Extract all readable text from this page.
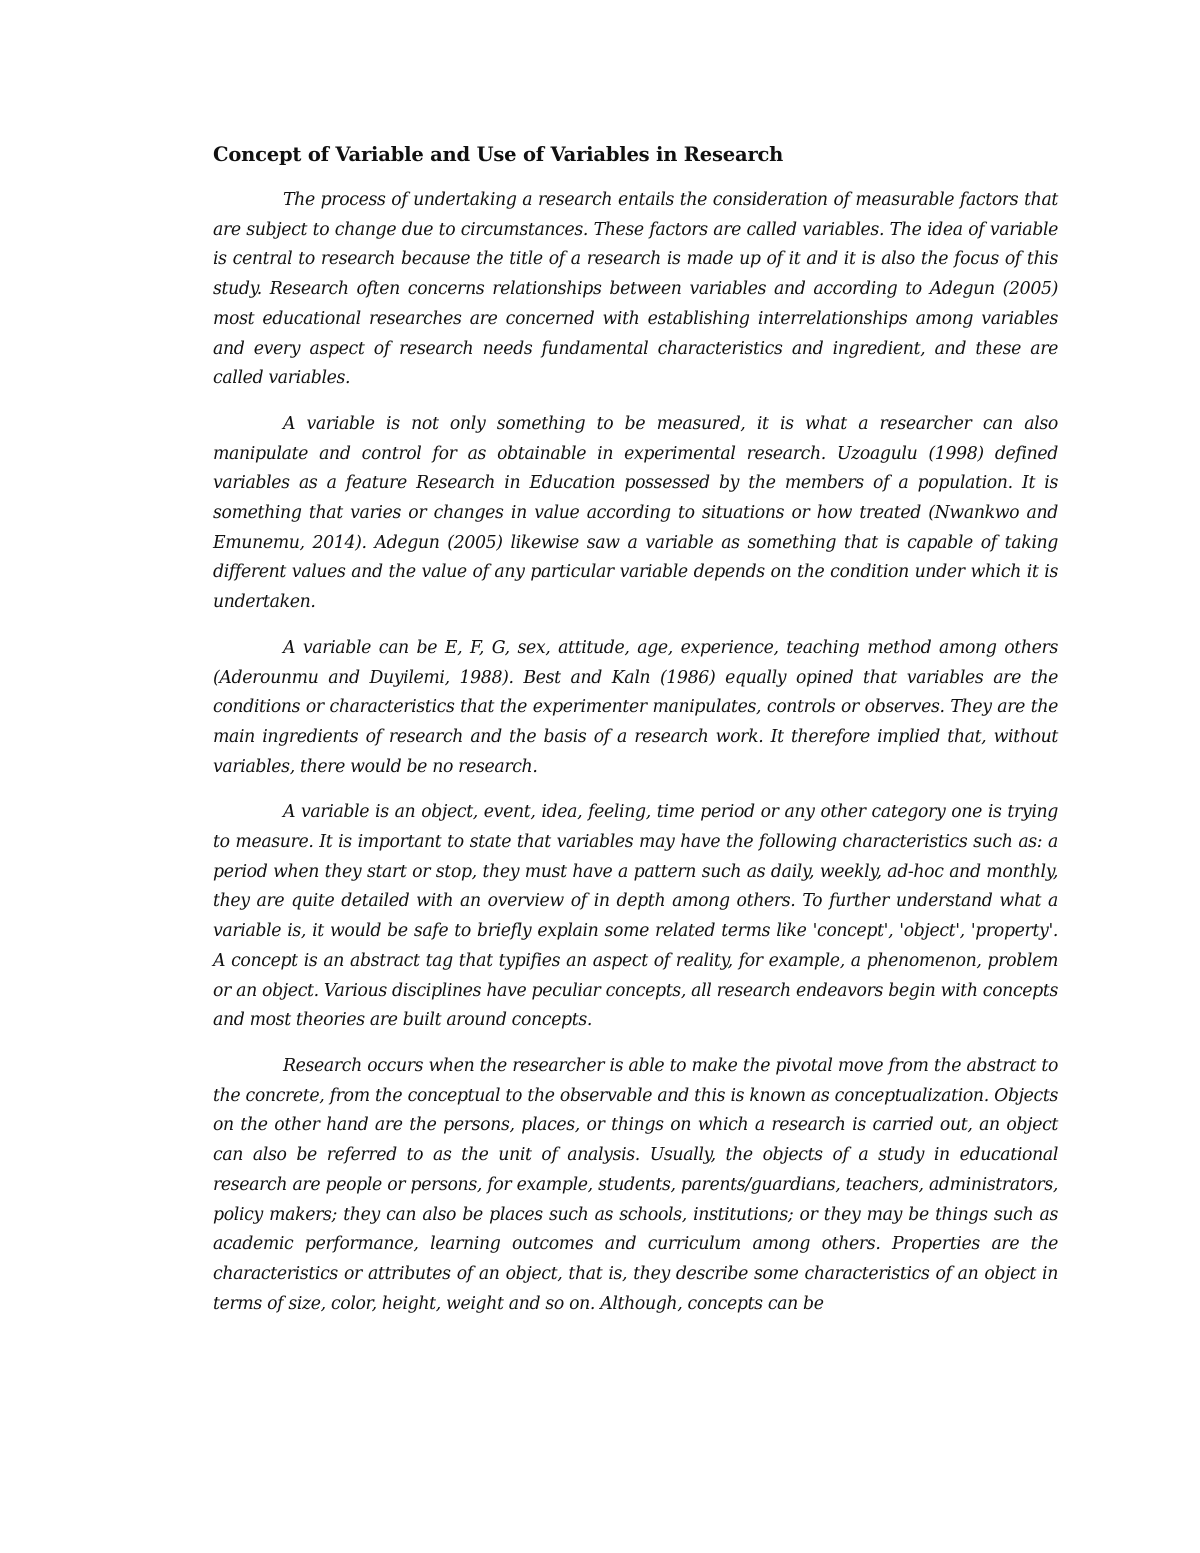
Concept of Variable and Use of Variables in Research

The process of undertaking a research entails the consideration of measurable factors that are subject to change due to circumstances. These factors are called variables. The idea of variable is central to research because the title of a research is made up of it and it is also the focus of this study. Research often concerns relationships between variables and according to Adegun (2005) most educational researches are concerned with establishing interrelationships among variables and every aspect of research needs fundamental characteristics and ingredient, and these are called variables.

A variable is not only something to be measured, it is what a researcher can also manipulate and control for as obtainable in experimental research. Uzoagulu (1998) defined variables as a feature Research in Education possessed by the members of a population. It is something that varies or changes in value according to situations or how treated (Nwankwo and Emunemu, 2014). Adegun (2005) likewise saw a variable as something that is capable of taking different values and the value of any particular variable depends on the condition under which it is undertaken.

A variable can be E, F, G, sex, attitude, age, experience, teaching method among others (Aderounmu and Duyilemi, 1988). Best and Kaln (1986) equally opined that variables are the conditions or characteristics that the experimenter manipulates, controls or observes. They are the main ingredients of research and the basis of a research work. It therefore implied that, without variables, there would be no research.

A variable is an object, event, idea, feeling, time period or any other category one is trying to measure. It is important to state that variables may have the following characteristics such as: a period when they start or stop, they must have a pattern such as daily, weekly, ad-hoc and monthly, they are quite detailed with an overview of in depth among others. To further understand what a variable is, it would be safe to briefly explain some related terms like 'concept', 'object', 'property'. A concept is an abstract tag that typifies an aspect of reality, for example, a phenomenon, problem or an object. Various disciplines have peculiar concepts, all research endeavors begin with concepts and most theories are built around concepts.

Research occurs when the researcher is able to make the pivotal move from the abstract to the concrete, from the conceptual to the observable and this is known as conceptualization. Objects on the other hand are the persons, places, or things on which a research is carried out, an object can also be referred to as the unit of analysis. Usually, the objects of a study in educational research are people or persons, for example, students, parents/guardians, teachers, administrators, policy makers; they can also be places such as schools, institutions; or they may be things such as academic performance, learning outcomes and curriculum among others. Properties are the characteristics or attributes of an object, that is, they describe some characteristics of an object in terms of size, color, height, weight and so on. Although, concepts can be
